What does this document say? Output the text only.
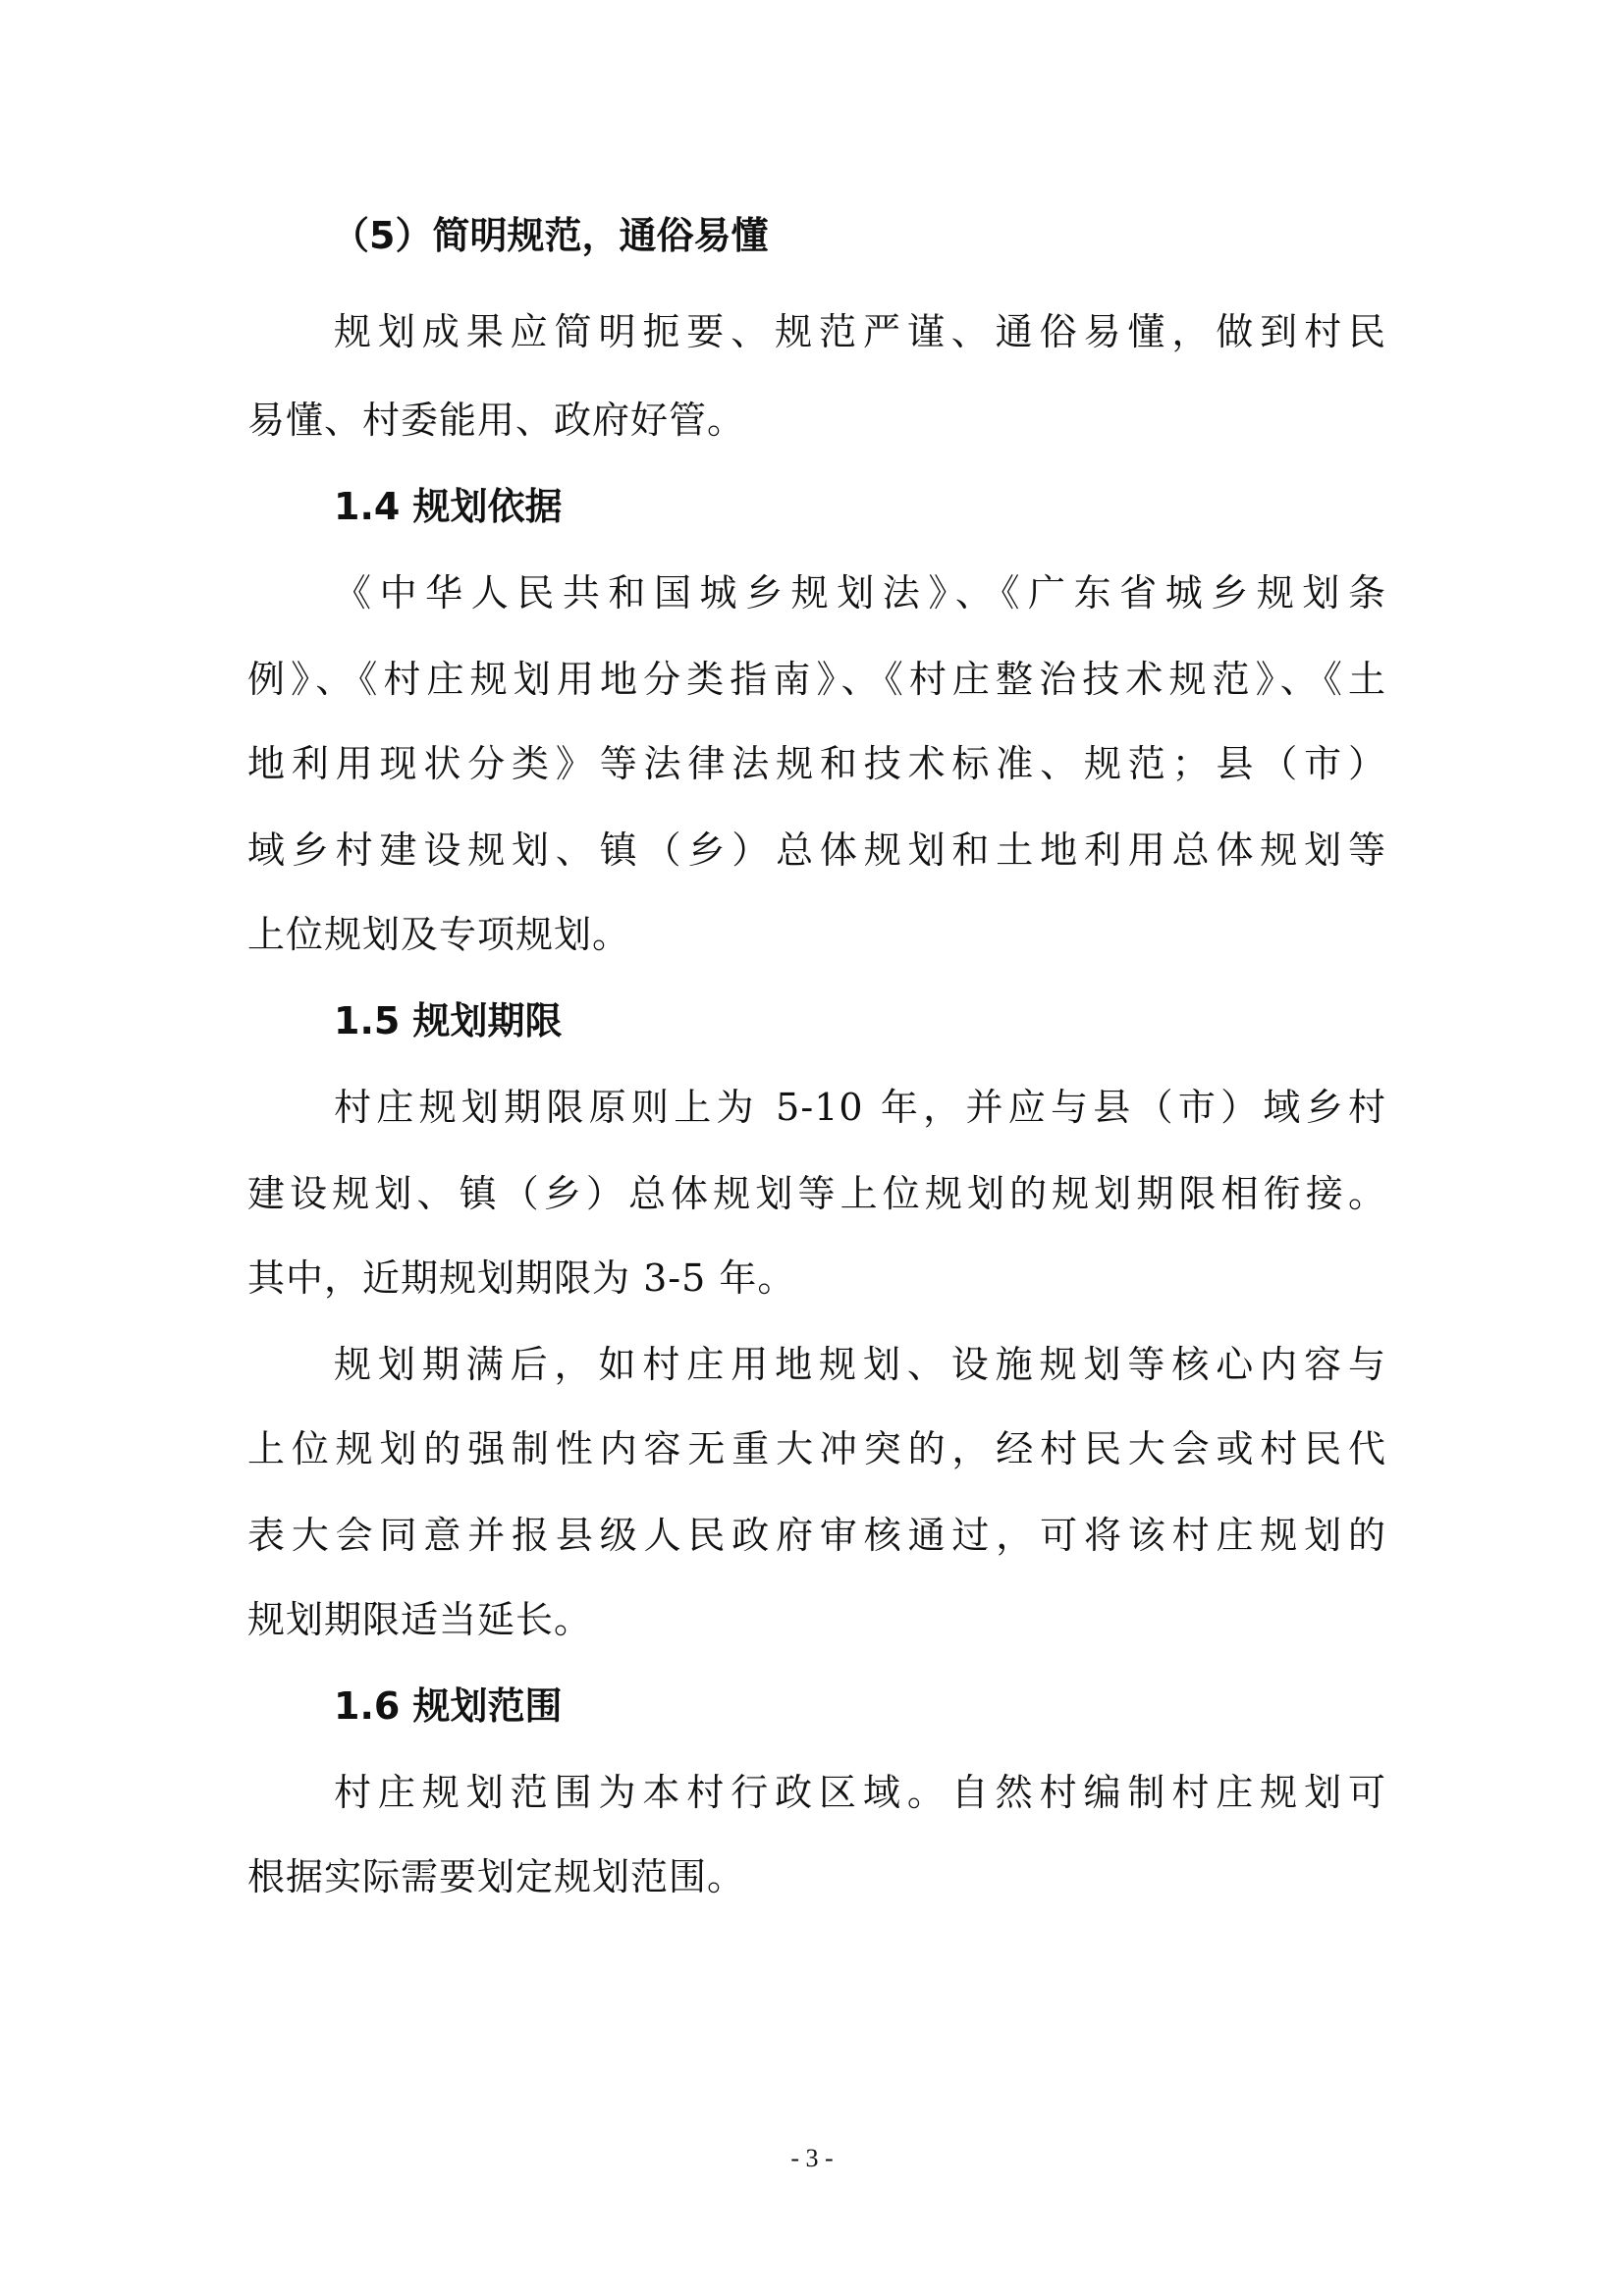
（5）简明规范，通俗易懂
规划成果应简明扼要、规范严谨、通俗易懂，做到村民
易懂、村委能用、政府好管。
1.4 规划依据
《中华人民共和国城乡规划法》、《广东省城乡规划条
例》、《村庄规划用地分类指南》、《村庄整治技术规范》、《土
地利用现状分类》等法律法规和技术标准、规范；县（市）
域乡村建设规划、镇（乡）总体规划和土地利用总体规划等
上位规划及专项规划。
1.5 规划期限
村庄规划期限原则上为 5-10 年，并应与县（市）域乡村
建设规划、镇（乡）总体规划等上位规划的规划期限相衔接。
其中，近期规划期限为 3-5 年。
规划期满后，如村庄用地规划、设施规划等核心内容与
上位规划的强制性内容无重大冲突的，经村民大会或村民代
表大会同意并报县级人民政府审核通过，可将该村庄规划的
规划期限适当延长。
1.6 规划范围
村庄规划范围为本村行政区域。自然村编制村庄规划可
根据实际需要划定规划范围。
- 3 -
